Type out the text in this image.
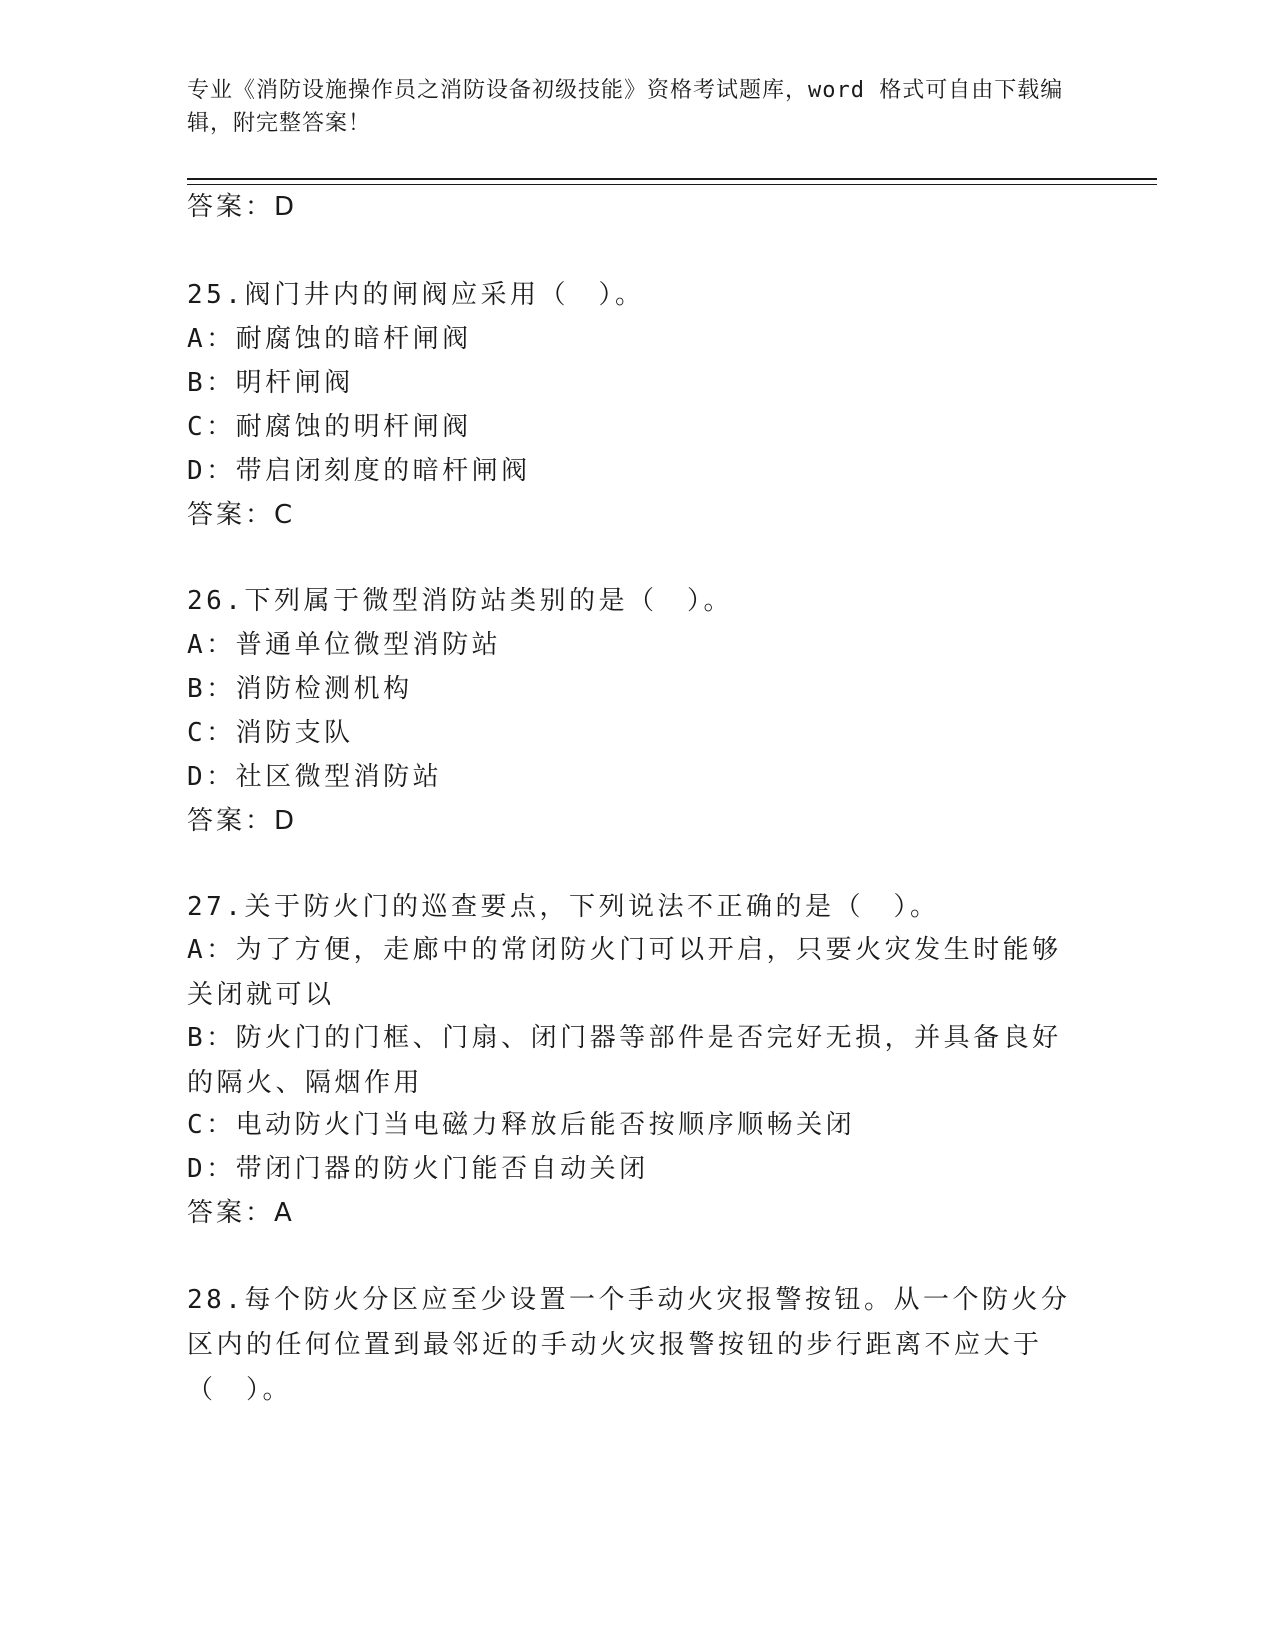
专业《消防设施操作员之消防设备初级技能》资格考试题库，word 格式可自由下载编辑，附完整答案！
答案：D
25.阀门井内的闸阀应采用（　）。
A：耐腐蚀的暗杆闸阀
B：明杆闸阀
C：耐腐蚀的明杆闸阀
D：带启闭刻度的暗杆闸阀
答案：C
26.下列属于微型消防站类别的是（　）。
A：普通单位微型消防站
B：消防检测机构
C：消防支队
D：社区微型消防站
答案：D
27.关于防火门的巡查要点，下列说法不正确的是（　）。
A：为了方便，走廊中的常闭防火门可以开启，只要火灾发生时能够关闭就可以
B：防火门的门框、门扇、闭门器等部件是否完好无损，并具备良好的隔火、隔烟作用
C：电动防火门当电磁力释放后能否按顺序顺畅关闭
D：带闭门器的防火门能否自动关闭
答案：A
28.每个防火分区应至少设置一个手动火灾报警按钮。从一个防火分区内的任何位置到最邻近的手动火灾报警按钮的步行距离不应大于（　）。
